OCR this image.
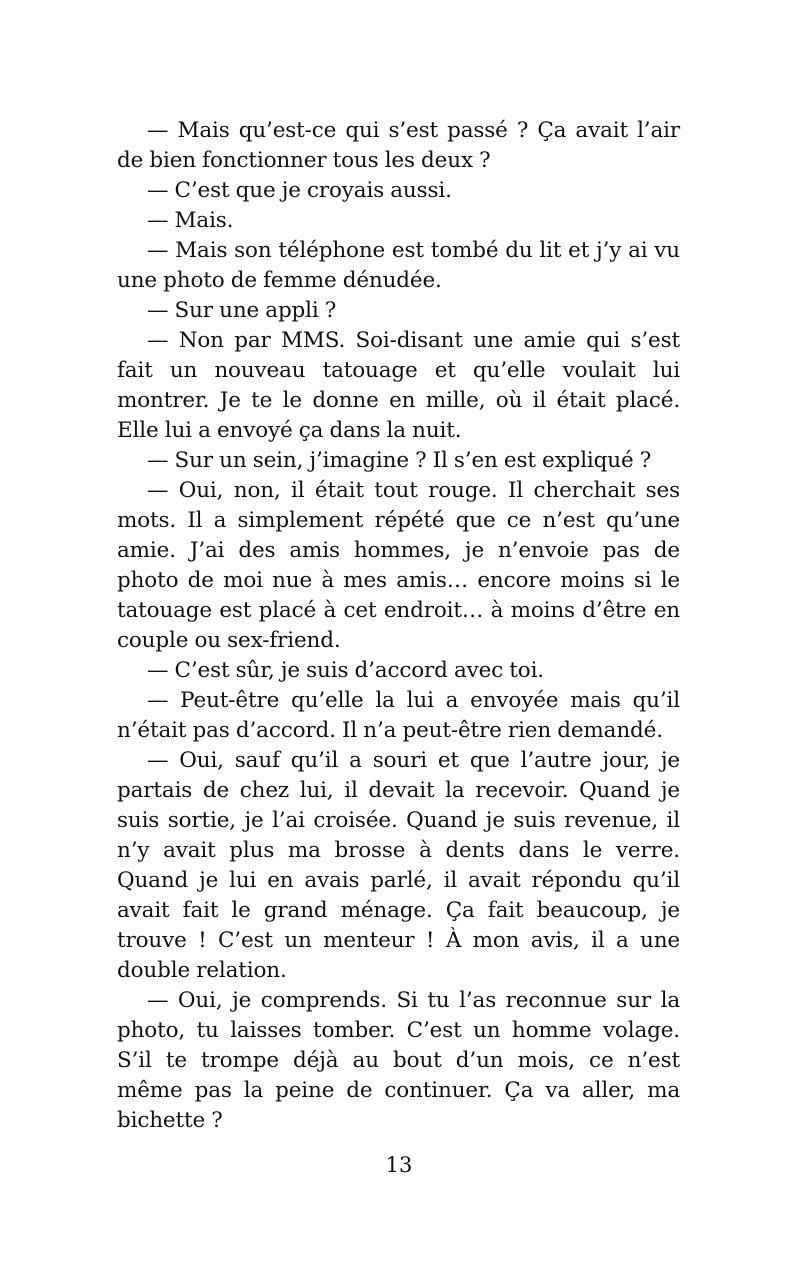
— Mais qu’est-ce qui s’est passé ? Ça avait l’air de bien fonctionner tous les deux ?

— C’est que je croyais aussi.

— Mais.

— Mais son téléphone est tombé du lit et j’y ai vu une photo de femme dénudée.

— Sur une appli ?

— Non par MMS. Soi-disant une amie qui s’est fait un nouveau tatouage et qu’elle voulait lui montrer. Je te le donne en mille, où il était placé. Elle lui a envoyé ça dans la nuit.

— Sur un sein, j’imagine ? Il s’en est expliqué ?

— Oui, non, il était tout rouge. Il cherchait ses mots. Il a simplement répété que ce n’est qu’une amie. J’ai des amis hommes, je n’envoie pas de photo de moi nue à mes amis… encore moins si le tatouage est placé à cet endroit… à moins d’être en couple ou sex-friend.

— C’est sûr, je suis d’accord avec toi.

— Peut-être qu’elle la lui a envoyée mais qu’il n’était pas d’accord. Il n’a peut-être rien demandé.

— Oui, sauf qu’il a souri et que l’autre jour, je partais de chez lui, il devait la recevoir. Quand je suis sortie, je l’ai croisée. Quand je suis revenue, il n’y avait plus ma brosse à dents dans le verre. Quand je lui en avais parlé, il avait répondu qu’il avait fait le grand ménage. Ça fait beaucoup, je trouve ! C’est un menteur ! À mon avis, il a une double relation.

— Oui, je comprends. Si tu l’as reconnue sur la photo, tu laisses tomber. C’est un homme volage. S’il te trompe déjà au bout d’un mois, ce n’est même pas la peine de continuer. Ça va aller, ma bichette ?

13
